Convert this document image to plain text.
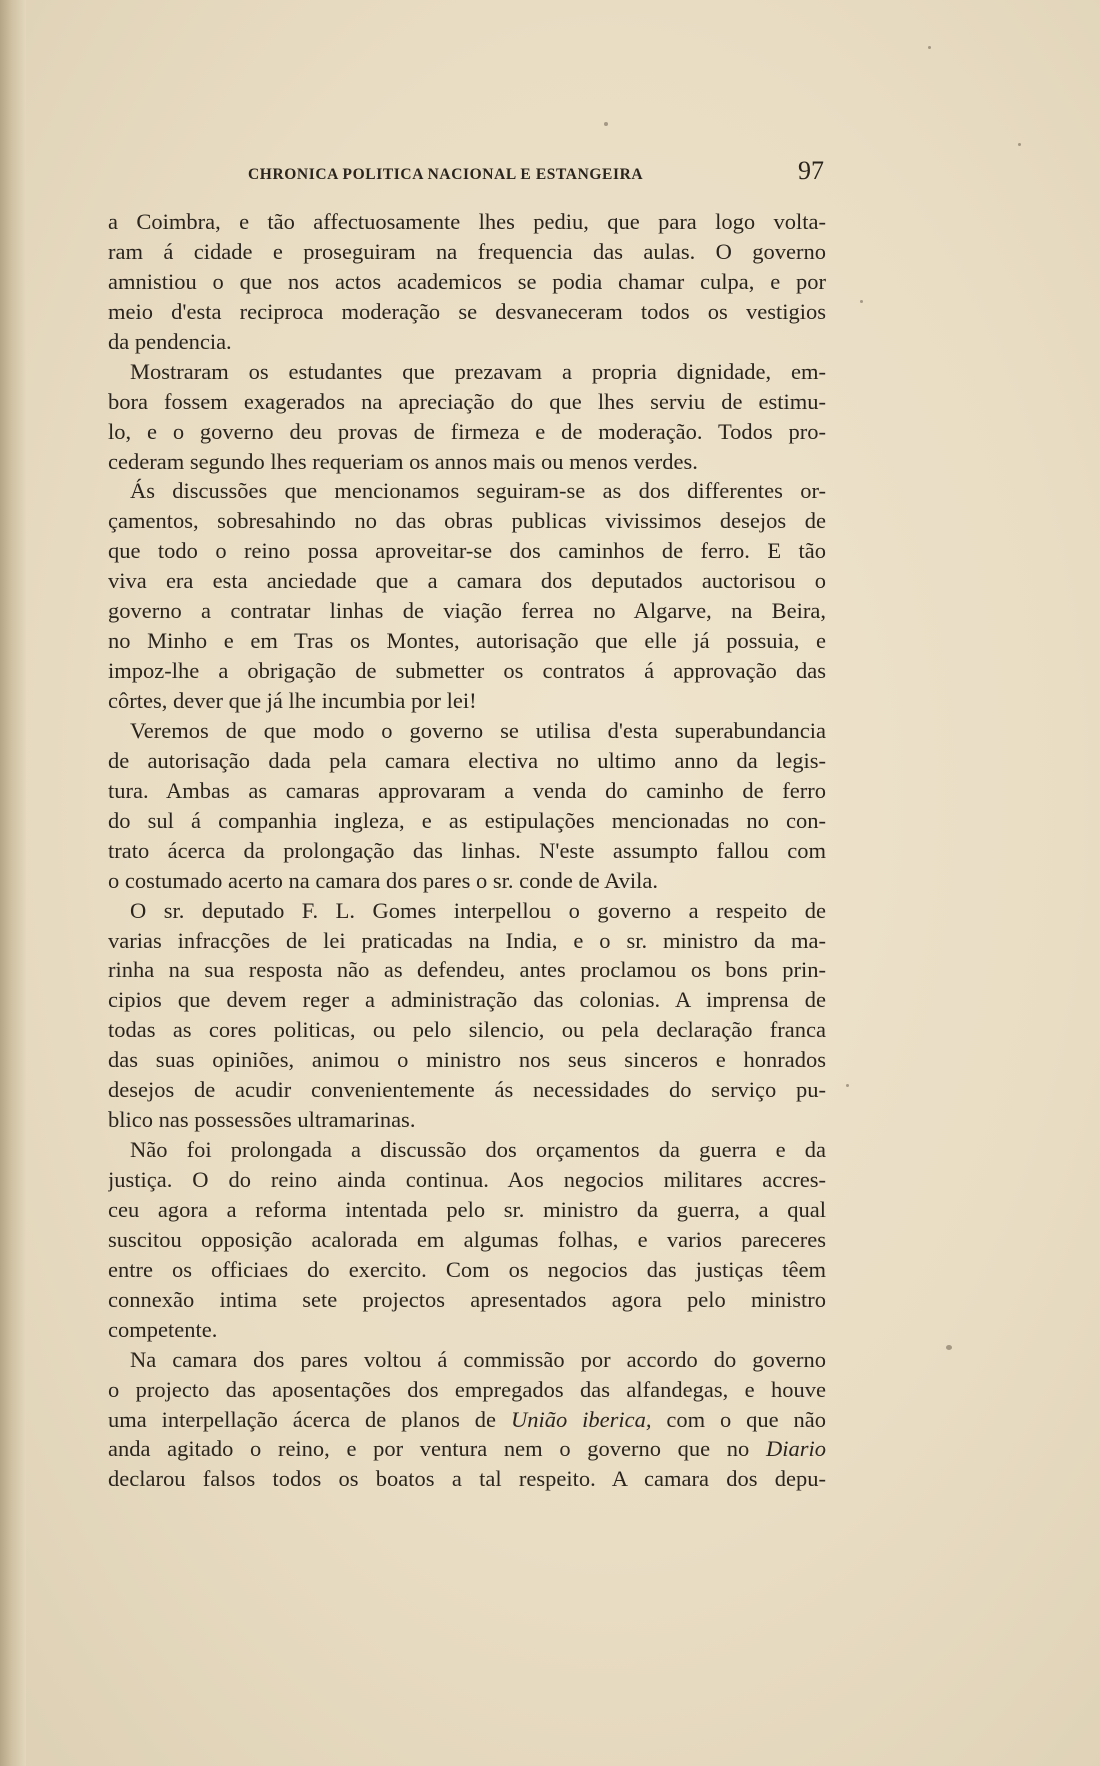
CHRONICA POLITICA NACIONAL E ESTANGEIRA	97
a Coimbra, e tão affectuosamente lhes pediu, que para logo volta-
ram á cidade e proseguiram na frequencia das aulas. O governo
amnistiou o que nos actos academicos se podia chamar culpa, e por
meio d'esta reciproca moderação se desvaneceram todos os vestigios
da pendencia.
Mostraram os estudantes que prezavam a propria dignidade, em-
bora fossem exagerados na apreciação do que lhes serviu de estimu-
lo, e o governo deu provas de firmeza e de moderação. Todos pro-
cederam segundo lhes requeriam os annos mais ou menos verdes.
Ás discussões que mencionamos seguiram-se as dos differentes or-
çamentos, sobresahindo no das obras publicas vivissimos desejos de
que todo o reino possa aproveitar-se dos caminhos de ferro. E tão
viva era esta anciedade que a camara dos deputados auctorisou o
governo a contratar linhas de viação ferrea no Algarve, na Beira,
no Minho e em Tras os Montes, autorisação que elle já possuia, e
impoz-lhe a obrigação de submetter os contratos á approvação das
côrtes, dever que já lhe incumbia por lei!
Veremos de que modo o governo se utilisa d'esta superabundancia
de autorisação dada pela camara electiva no ultimo anno da legis-
tura. Ambas as camaras approvaram a venda do caminho de ferro
do sul á companhia ingleza, e as estipulações mencionadas no con-
trato ácerca da prolongação das linhas. N'este assumpto fallou com
o costumado acerto na camara dos pares o sr. conde de Avila.
O sr. deputado F. L. Gomes interpellou o governo a respeito de
varias infracções de lei praticadas na India, e o sr. ministro da ma-
rinha na sua resposta não as defendeu, antes proclamou os bons prin-
cipios que devem reger a administração das colonias. A imprensa de
todas as cores politicas, ou pelo silencio, ou pela declaração franca
das suas opiniões, animou o ministro nos seus sinceros e honrados
desejos de acudir convenientemente ás necessidades do serviço pu-
blico nas possessões ultramarinas.
Não foi prolongada a discussão dos orçamentos da guerra e da
justiça. O do reino ainda continua. Aos negocios militares accres-
ceu agora a reforma intentada pelo sr. ministro da guerra, a qual
suscitou opposição acalorada em algumas folhas, e varios pareceres
entre os officiaes do exercito. Com os negocios das justiças têem
connexão intima sete projectos apresentados agora pelo ministro
competente.
Na camara dos pares voltou á commissão por accordo do governo
o projecto das aposentações dos empregados das alfandegas, e houve
uma interpellação ácerca de planos de União iberica, com o que não
anda agitado o reino, e por ventura nem o governo que no Diario
declarou falsos todos os boatos a tal respeito. A camara dos depu-
